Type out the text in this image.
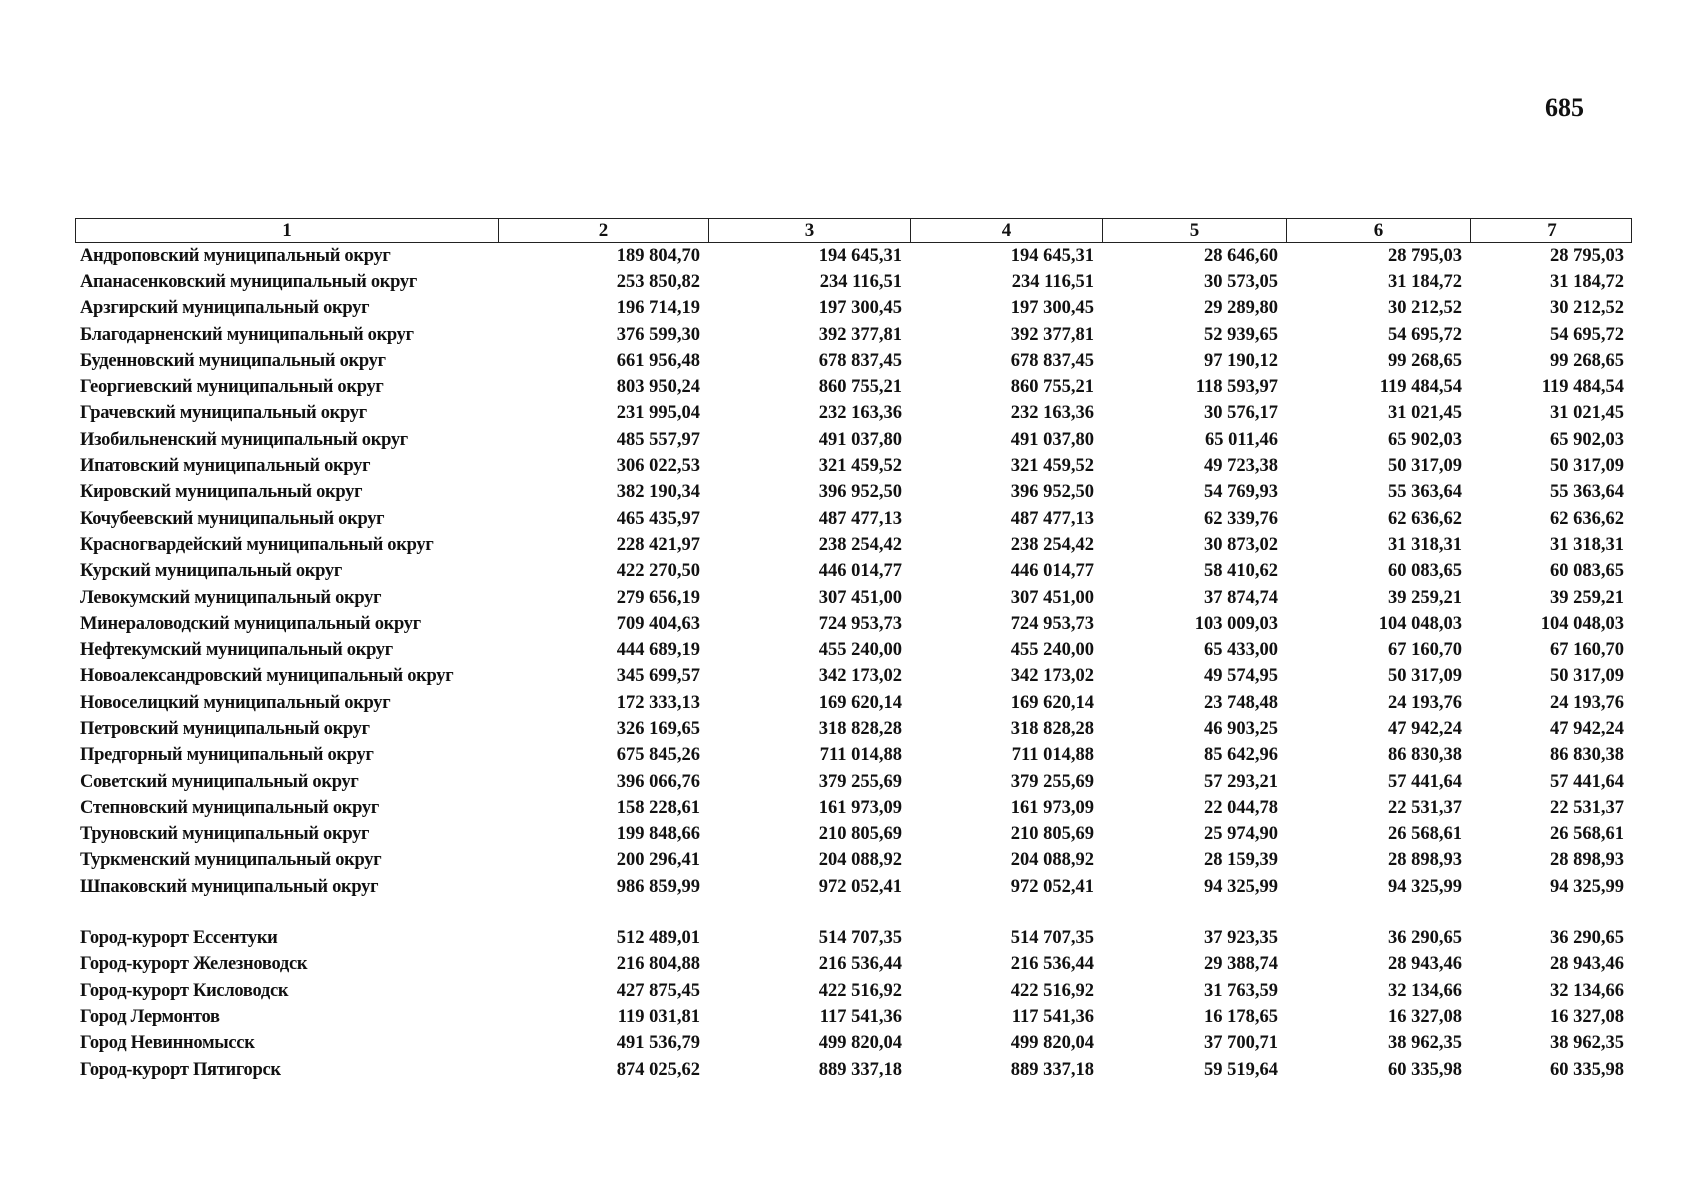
685
1	2	3	4	5	6	7
Андроповский муниципальный округ	189 804,70	194 645,31	194 645,31	28 646,60	28 795,03	28 795,03
Апанасенковский муниципальный округ	253 850,82	234 116,51	234 116,51	30 573,05	31 184,72	31 184,72
Арзгирский муниципальный округ	196 714,19	197 300,45	197 300,45	29 289,80	30 212,52	30 212,52
Благодарненский муниципальный округ	376 599,30	392 377,81	392 377,81	52 939,65	54 695,72	54 695,72
Буденновский муниципальный округ	661 956,48	678 837,45	678 837,45	97 190,12	99 268,65	99 268,65
Георгиевский муниципальный округ	803 950,24	860 755,21	860 755,21	118 593,97	119 484,54	119 484,54
Грачевский муниципальный округ	231 995,04	232 163,36	232 163,36	30 576,17	31 021,45	31 021,45
Изобильненский муниципальный округ	485 557,97	491 037,80	491 037,80	65 011,46	65 902,03	65 902,03
Ипатовский муниципальный округ	306 022,53	321 459,52	321 459,52	49 723,38	50 317,09	50 317,09
Кировский муниципальный округ	382 190,34	396 952,50	396 952,50	54 769,93	55 363,64	55 363,64
Кочубеевский муниципальный округ	465 435,97	487 477,13	487 477,13	62 339,76	62 636,62	62 636,62
Красногвардейский муниципальный округ	228 421,97	238 254,42	238 254,42	30 873,02	31 318,31	31 318,31
Курский муниципальный округ	422 270,50	446 014,77	446 014,77	58 410,62	60 083,65	60 083,65
Левокумский муниципальный округ	279 656,19	307 451,00	307 451,00	37 874,74	39 259,21	39 259,21
Минераловодский муниципальный округ	709 404,63	724 953,73	724 953,73	103 009,03	104 048,03	104 048,03
Нефтекумский муниципальный округ	444 689,19	455 240,00	455 240,00	65 433,00	67 160,70	67 160,70
Новоалександровский муниципальный округ	345 699,57	342 173,02	342 173,02	49 574,95	50 317,09	50 317,09
Новоселицкий муниципальный округ	172 333,13	169 620,14	169 620,14	23 748,48	24 193,76	24 193,76
Петровский муниципальный округ	326 169,65	318 828,28	318 828,28	46 903,25	47 942,24	47 942,24
Предгорный муниципальный округ	675 845,26	711 014,88	711 014,88	85 642,96	86 830,38	86 830,38
Советский муниципальный округ	396 066,76	379 255,69	379 255,69	57 293,21	57 441,64	57 441,64
Степновский муниципальный округ	158 228,61	161 973,09	161 973,09	22 044,78	22 531,37	22 531,37
Труновский муниципальный округ	199 848,66	210 805,69	210 805,69	25 974,90	26 568,61	26 568,61
Туркменский муниципальный округ	200 296,41	204 088,92	204 088,92	28 159,39	28 898,93	28 898,93
Шпаковский муниципальный округ	986 859,99	972 052,41	972 052,41	94 325,99	94 325,99	94 325,99
Город-курорт Ессентуки	512 489,01	514 707,35	514 707,35	37 923,35	36 290,65	36 290,65
Город-курорт Железноводск	216 804,88	216 536,44	216 536,44	29 388,74	28 943,46	28 943,46
Город-курорт Кисловодск	427 875,45	422 516,92	422 516,92	31 763,59	32 134,66	32 134,66
Город Лермонтов	119 031,81	117 541,36	117 541,36	16 178,65	16 327,08	16 327,08
Город Невинномысск	491 536,79	499 820,04	499 820,04	37 700,71	38 962,35	38 962,35
Город-курорт Пятигорск	874 025,62	889 337,18	889 337,18	59 519,64	60 335,98	60 335,98
